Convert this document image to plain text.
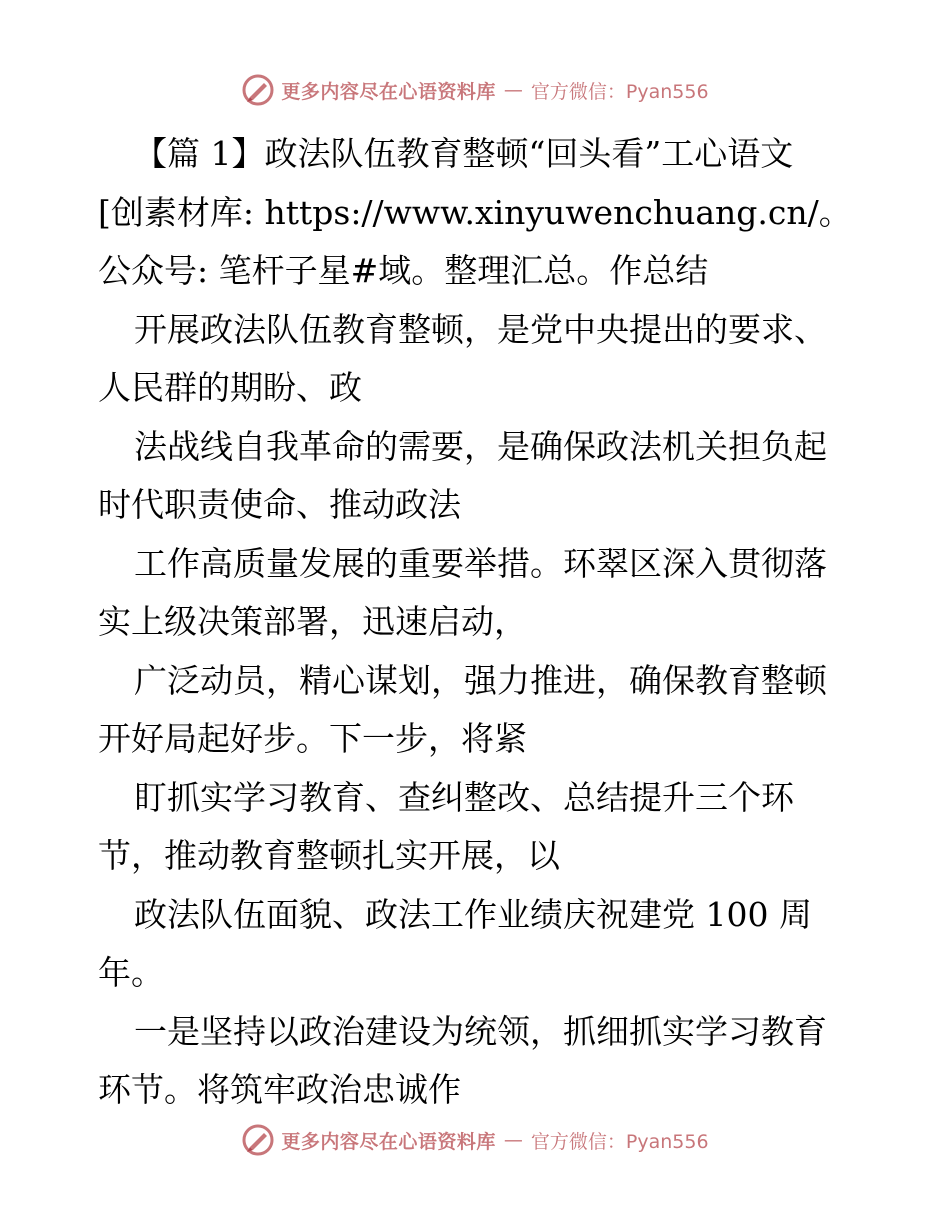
更多内容尽在心语资料库 — 官方微信：Pyan556
【篇 1】政法队伍教育整顿“回头看”工心语文
[创素材库: https://www.xinyuwenchuang.cn/。
公众号: 笔杆子星#域。整理汇总。作总结
开展政法队伍教育整顿，是党中央提出的要求、
人民群的期盼、政
法战线自我革命的需要，是确保政法机关担负起
时代职责使命、推动政法
工作高质量发展的重要举措。环翠区深入贯彻落
实上级决策部署，迅速启动，
广泛动员，精心谋划，强力推进，确保教育整顿
开好局起好步。下一步，将紧
盯抓实学习教育、查纠整改、总结提升三个环
节，推动教育整顿扎实开展，以
政法队伍面貌、政法工作业绩庆祝建党 100 周
年。
一是坚持以政治建设为统领，抓细抓实学习教育
环节。将筑牢政治忠诚作
更多内容尽在心语资料库 — 官方微信：Pyan556
